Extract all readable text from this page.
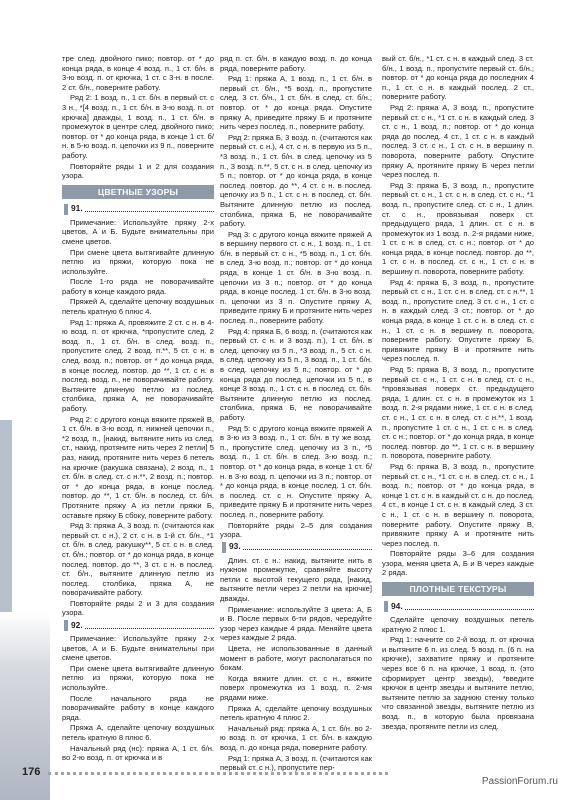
тре след. двойного пико; повтор. от * до конца ряда, в конце 4 возд. п., 1 ст. б/н. в 3-ю возд. п. от крючка, 1 ст. с 3-н. в после. 2 ст. б/н., поверните работу.

Ряд 2: 1 возд. п., 1 ст. б/н. в первый ст. с 3 н., *[4 возд. п., 1 ст. б/н. в 3-ю возд. п. от крючка] дважды, 1 возд. п., 1 ст. б/н. в промежуток в центре след. двойного пико; повтор. от * до конца ряда, в конце 1 ст. б/н. в 5-ю возд. п. цепочки из 9 п., поверните работу.

Повторяйте ряды 1 и 2 для создания узора.

ЦВЕТНЫЕ УЗОРЫ
91.

Примечание: Используйте пряжу 2-х цветов, А и Б. Будьте внимательны при смене цветов.

При смене цвета вытягивайте длинную петлю из пряжи, которую пока не используйте.

После 1-го ряда не поворачивайте работу в конце каждого ряда.

Пряжей А, сделайте цепочку воздушных петель кратную 6 плюс 4.

Ряд 1: пряжа А, провяжите 2 ст. с н. в 4-ю возд. п. от крючка, *пропустите след. 2 возд. п., 1 ст. б/н. в след. возд. п., пропустите след. 2 возд. п.**, 5 ст. с н. в след. возд. п.; повтор. от * до конца ряда, в конце послед. повтор. до **, 1 ст. с н. в послед. возд. п., не поворачивайте работу. Вытяните длинную петлю из послед. столбика, пряжа А, не поворачивайте работу.

Ряд 2: с другого конца вяжите пряжей В, 1 ст. б/н. в 3-ю возд. п. нижней цепочки п., *2 возд. п., [накид, вытяните нить из след. ст., накид, протяните нить через 2 петли] 5 раз, накид, протяните нить через 6 петель на крючке (ракушка связана), 2 возд. п., 1 ст. б/н. в след. ст. с н.**, 2 возд. п.; повтор. от * до конца ряда, в конце послед. повтор. до **, 1 ст. б/н. в послед. ст. б/н. Протяните пряжу А из петли пряжи Б, оставьте пряжу Б сбоку, поверните работу.

Ряд 3: пряжа А, 3 возд. п. (считаются как первый ст. с н.), 2 ст. с н. в 1-й ст. б/н., *1 ст. б/н. в след. ракушку**, 5 ст. с н. в след. ст. б/н.; повтор. от * до конца ряда, в конце послед. повтор. до **, 3 ст. с н. в послед. ст. б/н., вытяните длинную петлю из послед. столбика, пряжа А, не поворачивайте работу.

Повторяйте ряды 2 и 3 для создания узора.

92.

Примечание: Используйте пряжу 2-х цветов, А и Б. Будьте внимательны при смене цветов.

При смене цвета вытягивайте длинную петлю из пряжи, которую пока не используйте.

После начального ряда не поворачивайте работу в конце каждого ряда.

Пряжа А, сделайте цепочку воздушных петель кратную 8 плюс 6.

Начальный ряд (нс): пряжа А, 1 ст. б/н. во 2-ю возд. п. от крючка и в

ряд п. ст. б/н. в каждую возд. п. до конца ряда, поверните работу.

Ряд 1: пряжа А, 1 возд. п., 1 ст. б/н. в первый ст. б/н., *5 возд. п., пропустите след. 3 ст. б/н., 1 ст. б/н. в след. ст. б/н.; повтор. от * до конца ряда. Опустите пряжу А, приведите пряжу Б и протяните нить через послед. п., поверните работу.

Ряд 2: пряжа Б, 3 возд. п. (считаются как первый ст. с н.), 4 ст. с н. в первую из 5 п., *3 возд. п., 1 ст. б/н. в след. цепочку из 5 п., 3 возд. п.**, 5 ст. с н. в след. цепочку из 5 п.; повтор. от * до конца ряда, в конце послед. повтор. до **, 4 ст. с н. в послед. цепочку из 5 п., 1 ст. с н. в послед. ст. б/н. Вытяните длинную петлю из послед. столбика, пряжа Б, не поворачивайте работу.

Ряд 3: с другого конца вяжите пряжей А в вершину первого ст. с н., 1 возд. п., 1 ст. б/н. в первый ст. с н., *5 возд. п., 1 ст. б/н. в след. 3-ю возд. п.; повтор. от * до конца ряда, в конце 1 ст. б/н. в 3-ю возд. п. цепочки из 3 п.; повтор. от * до конца ряда, в конце послед. 1 ст. б/н. в 3-ю возд. п. цепочки из 3 п. Опустите пряжу А, приведите пряжу Б и протяните нить через послед. п., поверните работу.

Ряд 4: пряжа Б, 6 возд. п. (считаются как первый ст. с н. и 3 возд. п.), 1 ст. б/н. в след. цепочку из 5 п., *3 возд. п., 5 ст. с н. в след. цепочку из 5 п., 3 возд. п., 1 ст. б/н. в след. цепочку из 5 п.; повтор. от * до конца ряда до послед. цепочки из 5 п., в конце 3 возд. п., 1 ст. с н. в послед. ст. б/н. Вытяните длинную петлю из послед. столбика, пряжа Б, не поворачивайте работу.

Ряд 5: с другого конца вяжите пряжей А в 3-ю из 3 возд. п., 1 ст. б/н. в ту же возд. п., пропустите след. цепочку из 3 п., *5 возд. п., 1 ст. б/н. в след. 3-ю возд. п.; повтор. от * до конца ряда, в конце 1 ст. б/н. в 3-ю возд. п. цепочки из 3 п.; повтор. от * до конца ряда, в конце послед. 1 ст. б/н. в послед. ст. с н. Опустите пряжу А, приведите пряжу Б и протяните нить через послед. п., поверните работу.

Повторяйте ряды 2–5 для создания узора.

93.

Длин. ст. с н.: накид, вытяните нить в нужном промежутке, сравняйте высоту петли с высотой текущего ряда, [накид, вытяните петли через 2 петли на крючке] дважды.

Примечание: используйте 3 цвета: А, Б и В. После первых 6-ти рядов, чередуйте узор через каждые 4 ряда. Меняйте цвета через каждые 2 ряда.

Цвета, не использованные в данный момент в работе, могут располагаться по бокам.

Когда вяжите длин. ст. с н., вяжите поверх промежутка из 1 возд. п. 2-мя рядами ниже.

Пряжа А, сделайте цепочку воздушных петель кратную 4 плюс 2.

Начальный ряд: пряжа А, 1 ст. б/н. во 2-ю возд. п. от крючка, 1 ст. б/н. в каждую возд. п. до конца ряда, поверните работу.

Ряд 1: пряжа А, 3 возд. п. (считаются как первый ст. с н.), пропустите пер-

вый ст. б/н., *1 ст. с н. в каждый след. 3 ст. б/н., 1 возд. п., пропустите первый ст. б/н.; повтор. от * до конца ряда до последних 4 п., 1 ст. с н. в каждый послед. 2 ст., поверните работу.

Ряд 2: пряжа А, 3 возд. п., пропустите первый ст. с н., *1 ст. с н. в каждый след. 3 ст. с н., 1 возд. п.; повтор. от * до конца ряда до послед. 4 ст., 1 ст. с н. в каждый послед. 3 ст. с н., 1 ст. с н. в вершину п. поворота, поверните работу. Опустите пряжу А, протяните пряжу Б через петли через послед. п.

Ряд 3: пряжа Б, 3 возд. п., пропустите первый ст. с н., 1 ст. с н. в след. ст. с н., *1 возд. п., пропустите след. ст. с н., 1 длин. ст. с н., провязывая поверх ст. предыдущего ряда, 1 длин. ст. с н. в промежуток из 1 возд. п. 2-я рядами ниже, 1 ст. с н. в след. ст. с н.; повтор. от * до конца ряда, в конце послед. повтор. до **, 1 ст. с н. в послед. ст. с н., 1 ст. с н. в вершину п. поворота, поверните работу.

Ряд 4: пряжа Б, 3 возд. п., пропустите первый ст. с н., 1 ст. с н. в след. ст. с н.**, 1 возд. п., пропустите след. 3 ст. с н., 1 ст. с н. в каждый след. 3 ст.; повтор. от * до конца ряда, в конце 1 ст. с н. в след. ст. с н., 1 ст. с н. в вершину п. поворота, поверните работу. Опустите пряжу Б, привяжите пряжу В и протяните нить через послед. п.

Ряд 5: пряжа В, 3 возд. п., пропустите первый ст. с н., 1 ст. с н. в след. ст. с н., *провязывая поверх ст. предыдущего ряда, 1 длин. ст. с н. в промежуток из 1 возд. п. 2-я рядами ниже, 1 ст. с н. в след. ст. с н., 1 ст. с н. в след. ст. с н.**, 1 возд. п., пропустите 1 ст. с н., 1 ст. с н. в след. ст. с н.; повтор. от * до конца ряда, в конце послед. повтор. до **, 1 ст. с н. в вершину п. поворота, поверните работу.

Ряд 6: пряжа В, 3 возд. п., пропустите первый ст. с н., *1 ст. с н. в след. ст. с н., 1 возд. п.; повтор. от * до конца ряда, в конце 1 ст. с н. в каждый ст. с н. до послед. 4 ст., в конце 1 ст. с н. в каждый след. 3 ст. с н., 1 ст. с н. в вершину п. поворота, поверните работу. Опустите пряжу В, привяжите пряжу А и протяните нить через послед. п.

Повторяйте ряды 3–6 для создания узора, меняя цвета А, Б и В через каждые 2 ряда.

ПЛОТНЫЕ ТЕКСТУРЫ
94.

Сделайте цепочку воздушных петель кратную 2 плюс 1.

Ряд 1: начните со 2-й возд. п. от крючка и вытяните 6 п. из след. 5 возд. п. (6 п. на крючке), захватите пряжу и протяните через все 6 п. на крючке, 1 возд. п. (это сформирует центр звезды), *введите крючок в центр звезды и вытяните петлю, вытяните петлю за заднюю стенку только что связанной звезды, вытяните петлю из возд. п., в которую была провязана звезда, протяните петли из след.

176
PassionForum.ru
